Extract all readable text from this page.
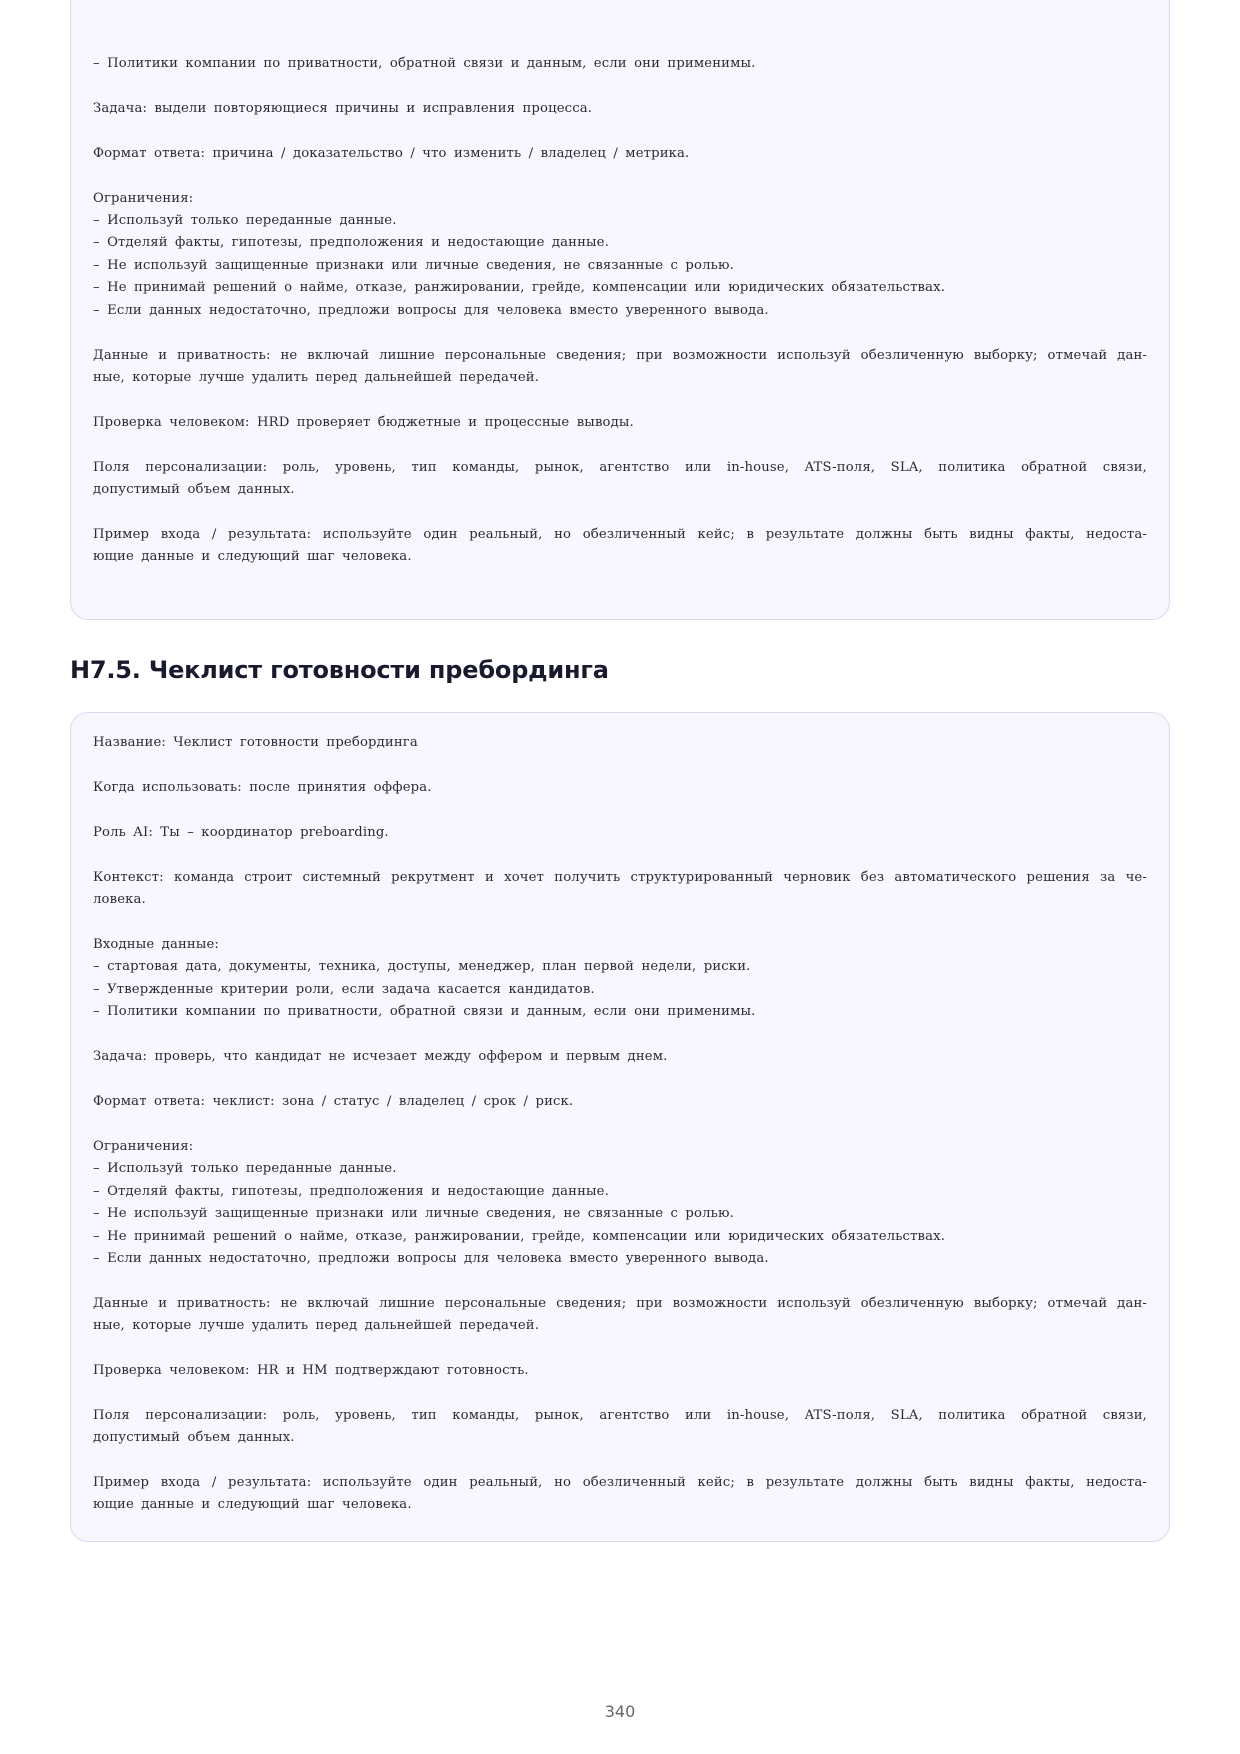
– Политики компании по приватности, обратной связи и данным, если они применимы.
Задача: выдели повторяющиеся причины и исправления процесса.
Формат ответа: причина / доказательство / что изменить / владелец / метрика.
Ограничения:
– Используй только переданные данные.
– Отделяй факты, гипотезы, предположения и недостающие данные.
– Не используй защищенные признаки или личные сведения, не связанные с ролью.
– Не принимай решений о найме, отказе, ранжировании, грейде, компенсации или юридических обязательствах.
– Если данных недостаточно, предложи вопросы для человека вместо уверенного вывода.
Данные и приватность: не включай лишние персональные сведения; при возможности используй обезличенную выборку; отмечай дан-
ные, которые лучше удалить перед дальнейшей передачей.
Проверка человеком: HRD проверяет бюджетные и процессные выводы.
Поля персонализации: роль, уровень, тип команды, рынок, агентство или in-house, ATS-поля, SLA, политика обратной связи,
допустимый объем данных.
Пример входа / результата: используйте один реальный, но обезличенный кейс; в результате должны быть видны факты, недоста-
ющие данные и следующий шаг человека.
H7.5. Чеклист готовности пребординга
Название: Чеклист готовности пребординга
Когда использовать: после принятия оффера.
Роль AI: Ты – координатор preboarding.
Контекст: команда строит системный рекрутмент и хочет получить структурированный черновик без автоматического решения за че-
ловека.
Входные данные:
– стартовая дата, документы, техника, доступы, менеджер, план первой недели, риски.
– Утвержденные критерии роли, если задача касается кандидатов.
– Политики компании по приватности, обратной связи и данным, если они применимы.
Задача: проверь, что кандидат не исчезает между оффером и первым днем.
Формат ответа: чеклист: зона / статус / владелец / срок / риск.
Ограничения:
– Используй только переданные данные.
– Отделяй факты, гипотезы, предположения и недостающие данные.
– Не используй защищенные признаки или личные сведения, не связанные с ролью.
– Не принимай решений о найме, отказе, ранжировании, грейде, компенсации или юридических обязательствах.
– Если данных недостаточно, предложи вопросы для человека вместо уверенного вывода.
Данные и приватность: не включай лишние персональные сведения; при возможности используй обезличенную выборку; отмечай дан-
ные, которые лучше удалить перед дальнейшей передачей.
Проверка человеком: HR и HM подтверждают готовность.
Поля персонализации: роль, уровень, тип команды, рынок, агентство или in-house, ATS-поля, SLA, политика обратной связи,
допустимый объем данных.
Пример входа / результата: используйте один реальный, но обезличенный кейс; в результате должны быть видны факты, недоста-
ющие данные и следующий шаг человека.
340
